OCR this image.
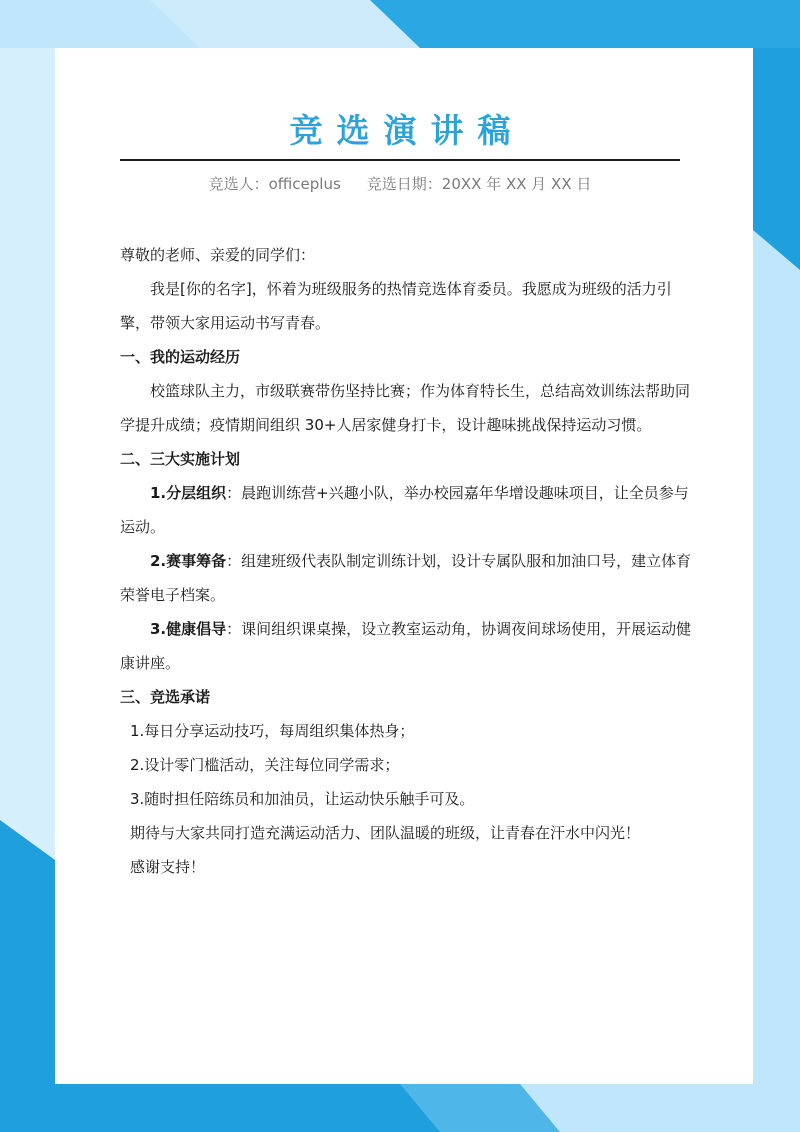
竞选演讲稿
竞选人：officeplus 竞选日期：20XX 年 XX 月 XX 日

尊敬的老师、亲爱的同学们：

我是[你的名字]，怀着为班级服务的热情竞选体育委员。我愿成为班级的活力引擎，带领大家用运动书写青春。

一、我的运动经历

校篮球队主力，市级联赛带伤坚持比赛；作为体育特长生，总结高效训练法帮助同学提升成绩；疫情期间组织 30+人居家健身打卡，设计趣味挑战保持运动习惯。

二、三大实施计划

1.分层组织：晨跑训练营+兴趣小队，举办校园嘉年华增设趣味项目，让全员参与运动。

2.赛事筹备：组建班级代表队制定训练计划，设计专属队服和加油口号，建立体育荣誉电子档案。

3.健康倡导：课间组织课桌操，设立教室运动角，协调夜间球场使用，开展运动健康讲座。

三、竞选承诺

1.每日分享运动技巧，每周组织集体热身；

2.设计零门槛活动，关注每位同学需求；

3.随时担任陪练员和加油员，让运动快乐触手可及。

期待与大家共同打造充满运动活力、团队温暖的班级，让青春在汗水中闪光！

感谢支持！
